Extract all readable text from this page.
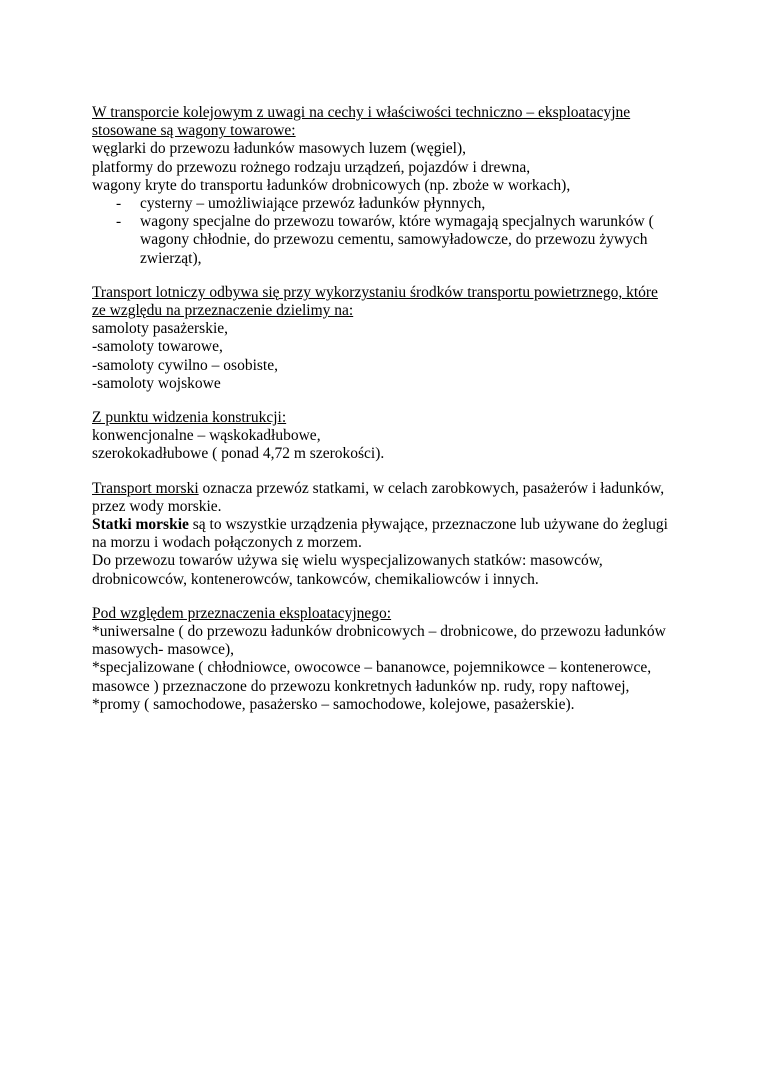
W transporcie kolejowym z uwagi na cechy i właściwości techniczno – eksploatacyjne stosowane są wagony towarowe:

węglarki do przewozu ładunków masowych luzem (węgiel),

platformy do przewozu rożnego rodzaju urządzeń, pojazdów i drewna,

wagony kryte do transportu ładunków drobnicowych (np. zboże w workach),

-	cysterny – umożliwiające przewóz ładunków płynnych,
-	wagony specjalne do przewozu towarów, które wymagają specjalnych warunków ( wagony chłodnie, do przewozu cementu, samowyładowcze, do przewozu żywych zwierząt),

Transport lotniczy odbywa się przy wykorzystaniu środków transportu powietrznego, które ze względu na przeznaczenie dzielimy na:

samoloty pasażerskie,

-samoloty towarowe,

-samoloty cywilno – osobiste,

-samoloty wojskowe

Z punktu widzenia konstrukcji:

konwencjonalne – wąskokadłubowe,

szerokokadłubowe ( ponad 4,72 m szerokości).

Transport morski oznacza przewóz statkami, w celach zarobkowych, pasażerów i ładunków, przez wody morskie.

Statki morskie są to wszystkie urządzenia pływające, przeznaczone lub używane do żeglugi na morzu i wodach połączonych z morzem.

Do przewozu towarów używa się wielu wyspecjalizowanych statków: masowców, drobnicowców, kontenerowców, tankowców, chemikaliowców i innych.

Pod względem przeznaczenia eksploatacyjnego:

*uniwersalne ( do przewozu ładunków drobnicowych – drobnicowe, do przewozu ładunków masowych- masowce),

*specjalizowane ( chłodniowce, owocowce – bananowce, pojemnikowce – kontenerowce, masowce ) przeznaczone do przewozu konkretnych ładunków np. rudy, ropy naftowej,

*promy ( samochodowe, pasażersko – samochodowe, kolejowe, pasażerskie).
